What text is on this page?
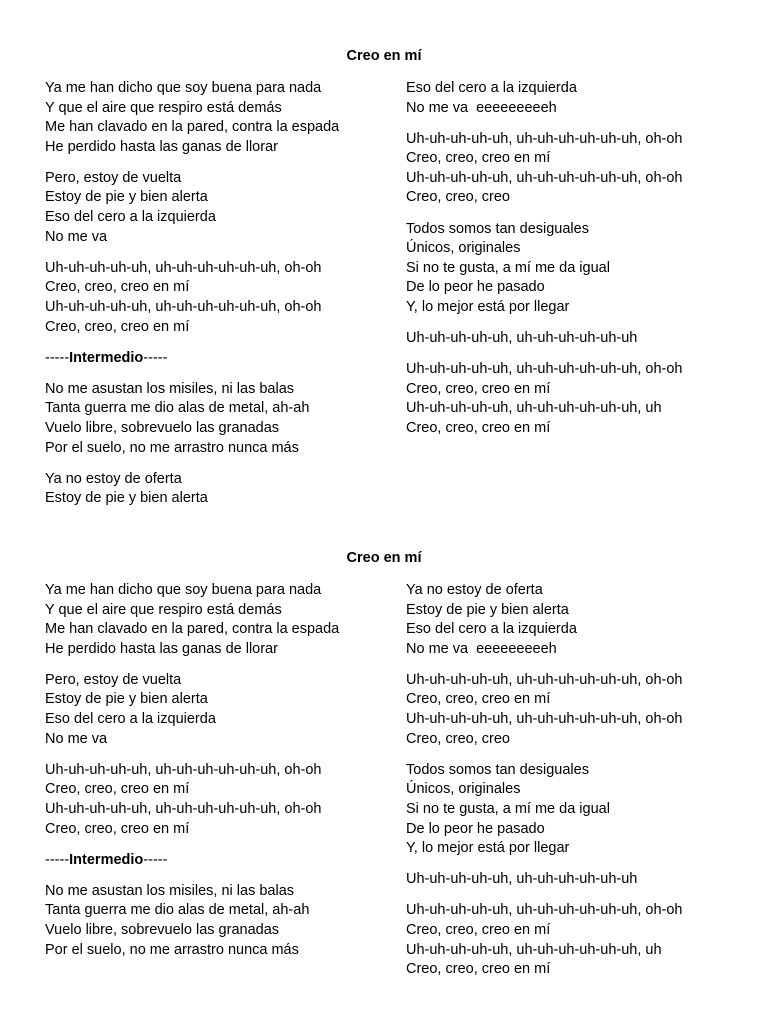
Creo en mí
Ya me han dicho que soy buena para nada
Y que el aire que respiro está demás
Me han clavado en la pared, contra la espada
He perdido hasta las ganas de llorar
Pero, estoy de vuelta
Estoy de pie y bien alerta
Eso del cero a la izquierda
No me va
Uh-uh-uh-uh-uh, uh-uh-uh-uh-uh-uh, oh-oh
Creo, creo, creo en mí
Uh-uh-uh-uh-uh, uh-uh-uh-uh-uh-uh, oh-oh
Creo, creo, creo en mí
-----Intermedio-----
No me asustan los misiles, ni las balas
Tanta guerra me dio alas de metal, ah-ah
Vuelo libre, sobrevuelo las granadas
Por el suelo, no me arrastro nunca más
Ya no estoy de oferta
Estoy de pie y bien alerta
Eso del cero a la izquierda
No me va  eeeeeeeeeh
Uh-uh-uh-uh-uh, uh-uh-uh-uh-uh-uh, oh-oh
Creo, creo, creo en mí
Uh-uh-uh-uh-uh, uh-uh-uh-uh-uh-uh, oh-oh
Creo, creo, creo
Todos somos tan desiguales
Únicos, originales
Si no te gusta, a mí me da igual
De lo peor he pasado
Y, lo mejor está por llegar
Uh-uh-uh-uh-uh, uh-uh-uh-uh-uh-uh
Uh-uh-uh-uh-uh, uh-uh-uh-uh-uh-uh, oh-oh
Creo, creo, creo en mí
Uh-uh-uh-uh-uh, uh-uh-uh-uh-uh-uh, uh
Creo, creo, creo en mí
Creo en mí
Ya me han dicho que soy buena para nada
Y que el aire que respiro está demás
Me han clavado en la pared, contra la espada
He perdido hasta las ganas de llorar
Pero, estoy de vuelta
Estoy de pie y bien alerta
Eso del cero a la izquierda
No me va
Uh-uh-uh-uh-uh, uh-uh-uh-uh-uh-uh, oh-oh
Creo, creo, creo en mí
Uh-uh-uh-uh-uh, uh-uh-uh-uh-uh-uh, oh-oh
Creo, creo, creo en mí
-----Intermedio-----
No me asustan los misiles, ni las balas
Tanta guerra me dio alas de metal, ah-ah
Vuelo libre, sobrevuelo las granadas
Por el suelo, no me arrastro nunca más
Ya no estoy de oferta
Estoy de pie y bien alerta
Eso del cero a la izquierda
No me va  eeeeeeeeeh
Uh-uh-uh-uh-uh, uh-uh-uh-uh-uh-uh, oh-oh
Creo, creo, creo en mí
Uh-uh-uh-uh-uh, uh-uh-uh-uh-uh-uh, oh-oh
Creo, creo, creo
Todos somos tan desiguales
Únicos, originales
Si no te gusta, a mí me da igual
De lo peor he pasado
Y, lo mejor está por llegar
Uh-uh-uh-uh-uh, uh-uh-uh-uh-uh-uh
Uh-uh-uh-uh-uh, uh-uh-uh-uh-uh-uh, oh-oh
Creo, creo, creo en mí
Uh-uh-uh-uh-uh, uh-uh-uh-uh-uh-uh, uh
Creo, creo, creo en mí
